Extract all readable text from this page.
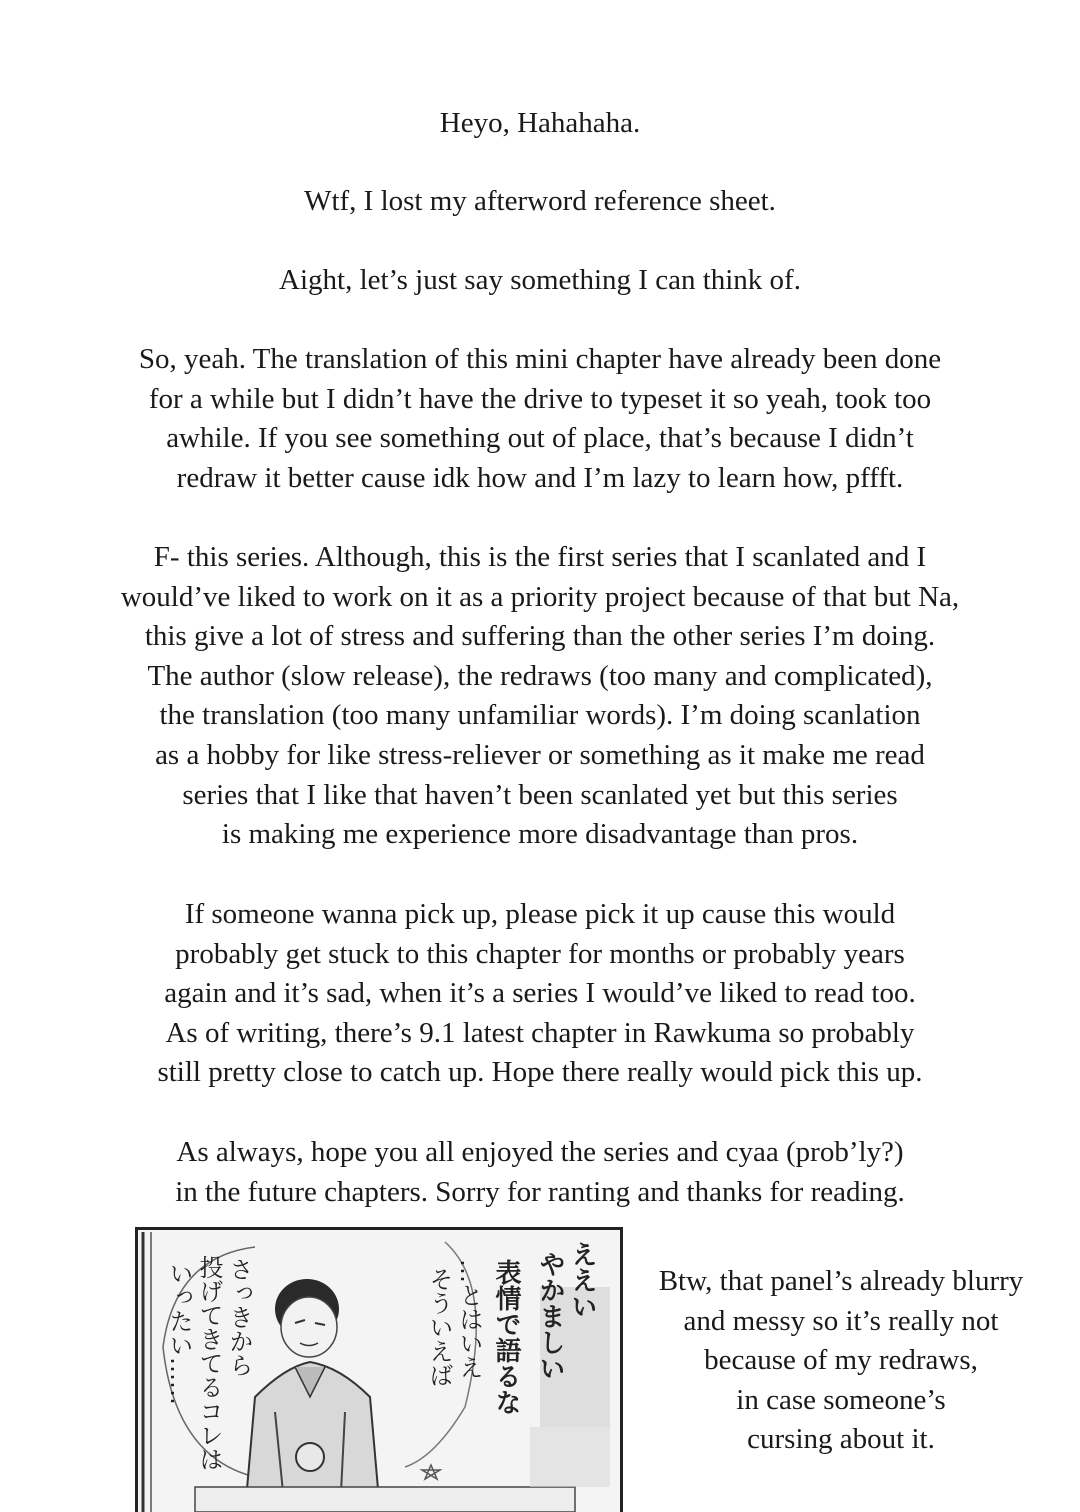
Heyo, Hahahaha.
Wtf, I lost my afterword reference sheet.
Aight, let’s just say something I can think of.
So, yeah. The translation of this mini chapter have already been done
for a while but I didn’t have the drive to typeset it so yeah, took too
awhile. If you see something out of place, that’s because I didn’t
redraw it better cause idk how and I’m lazy to learn how, pffft.
F- this series. Although, this is the first series that I scanlated and I
would’ve liked to work on it as a priority project because of that but Na,
this give a lot of stress and suffering than the other series I’m doing.
The author (slow release), the redraws (too many and complicated),
the translation (too many unfamiliar words). I’m doing scanlation
as a hobby for like stress-reliever or something as it make me read
series that I like that haven’t been scanlated yet but this series
is making me experience more disadvantage than pros.
If someone wanna pick up, please pick it up cause this would
probably get stuck to this chapter for months or probably years
again and it’s sad, when it’s a series I would’ve liked to read too.
As of writing, there’s 9.1 latest chapter in Rawkuma so probably
still pretty close to catch up. Hope there really would pick this up.
As always, hope you all enjoyed the series and cyaa (prob’ly?)
in the future chapters. Sorry for ranting and thanks for reading.
ええい
やかましい
表情で語るな
…とはいえ
そういえば
さっきから
投げてきてるコレは
いったい……	Btw, that panel’s already blurry
and messy so it’s really not
because of my redraws,
in case someone’s
cursing about it.
